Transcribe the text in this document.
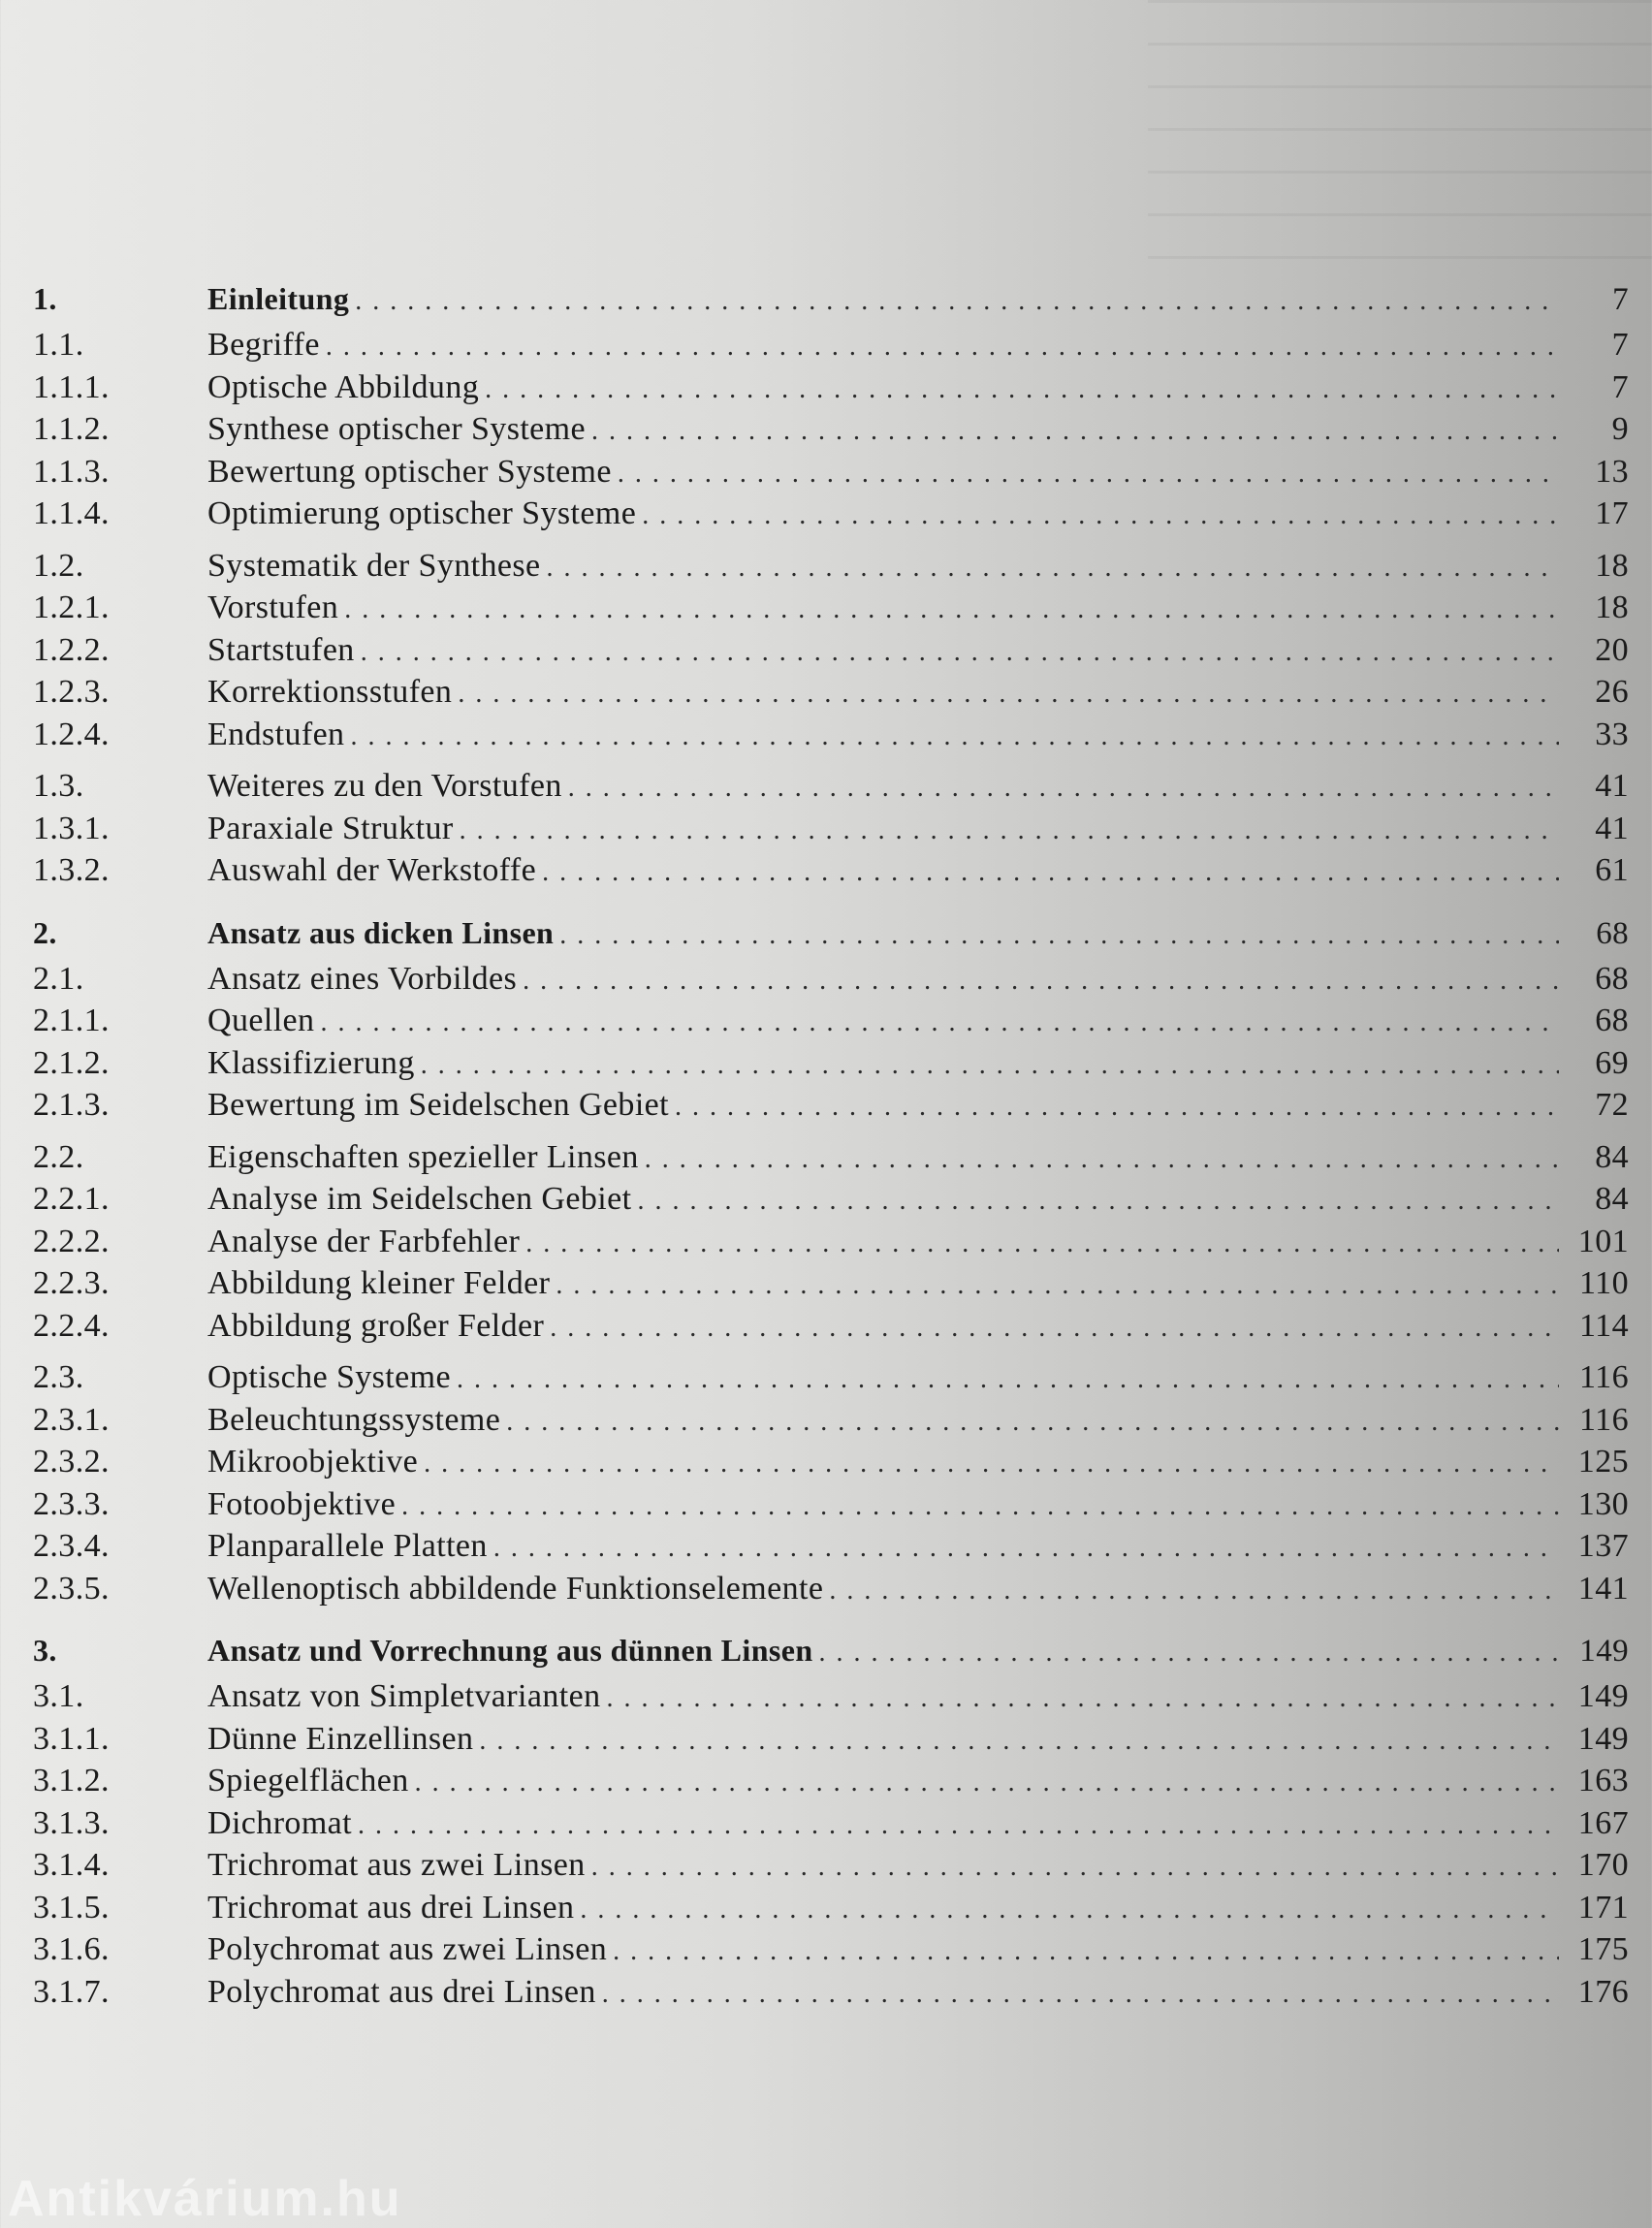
1.	Einleitung . . .	7
1.1.	Begriffe . . .	7
1.1.1.	Optische Abbildung . . .	7
1.1.2.	Synthese optischer Systeme . . .	9
1.1.3.	Bewertung optischer Systeme . . .	13
1.1.4.	Optimierung optischer Systeme . . .	17
1.2.	Systematik der Synthese . . .	18
1.2.1.	Vorstufen . . .	18
1.2.2.	Startstufen . . .	20
1.2.3.	Korrektionsstufen . . .	26
1.2.4.	Endstufen . . .	33
1.3.	Weiteres zu den Vorstufen . . .	41
1.3.1.	Paraxiale Struktur . . .	41
1.3.2.	Auswahl der Werkstoffe . . .	61
2.	Ansatz aus dicken Linsen . . .	68
2.1.	Ansatz eines Vorbildes . . .	68
2.1.1.	Quellen . . .	68
2.1.2.	Klassifizierung . . .	69
2.1.3.	Bewertung im Seidelschen Gebiet . . .	72
2.2.	Eigenschaften spezieller Linsen . . .	84
2.2.1.	Analyse im Seidelschen Gebiet . . .	84
2.2.2.	Analyse der Farbfehler . . .	101
2.2.3.	Abbildung kleiner Felder . . .	110
2.2.4.	Abbildung großer Felder . . .	114
2.3.	Optische Systeme . . .	116
2.3.1.	Beleuchtungssysteme . . .	116
2.3.2.	Mikroobjektive . . .	125
2.3.3.	Fotoobjektive . . .	130
2.3.4.	Planparallele Platten . . .	137
2.3.5.	Wellenoptisch abbildende Funktionselemente . . .	141
3.	Ansatz und Vorrechnung aus dünnen Linsen . . .	149
3.1.	Ansatz von Simpletvarianten . . .	149
3.1.1.	Dünne Einzellinsen . . .	149
3.1.2.	Spiegelflächen . . .	163
3.1.3.	Dichromat . . .	167
3.1.4.	Trichromat aus zwei Linsen . . .	170
3.1.5.	Trichromat aus drei Linsen . . .	171
3.1.6.	Polychromat aus zwei Linsen . . .	175
3.1.7.	Polychromat aus drei Linsen . . .	176
Antikvárium.hu
